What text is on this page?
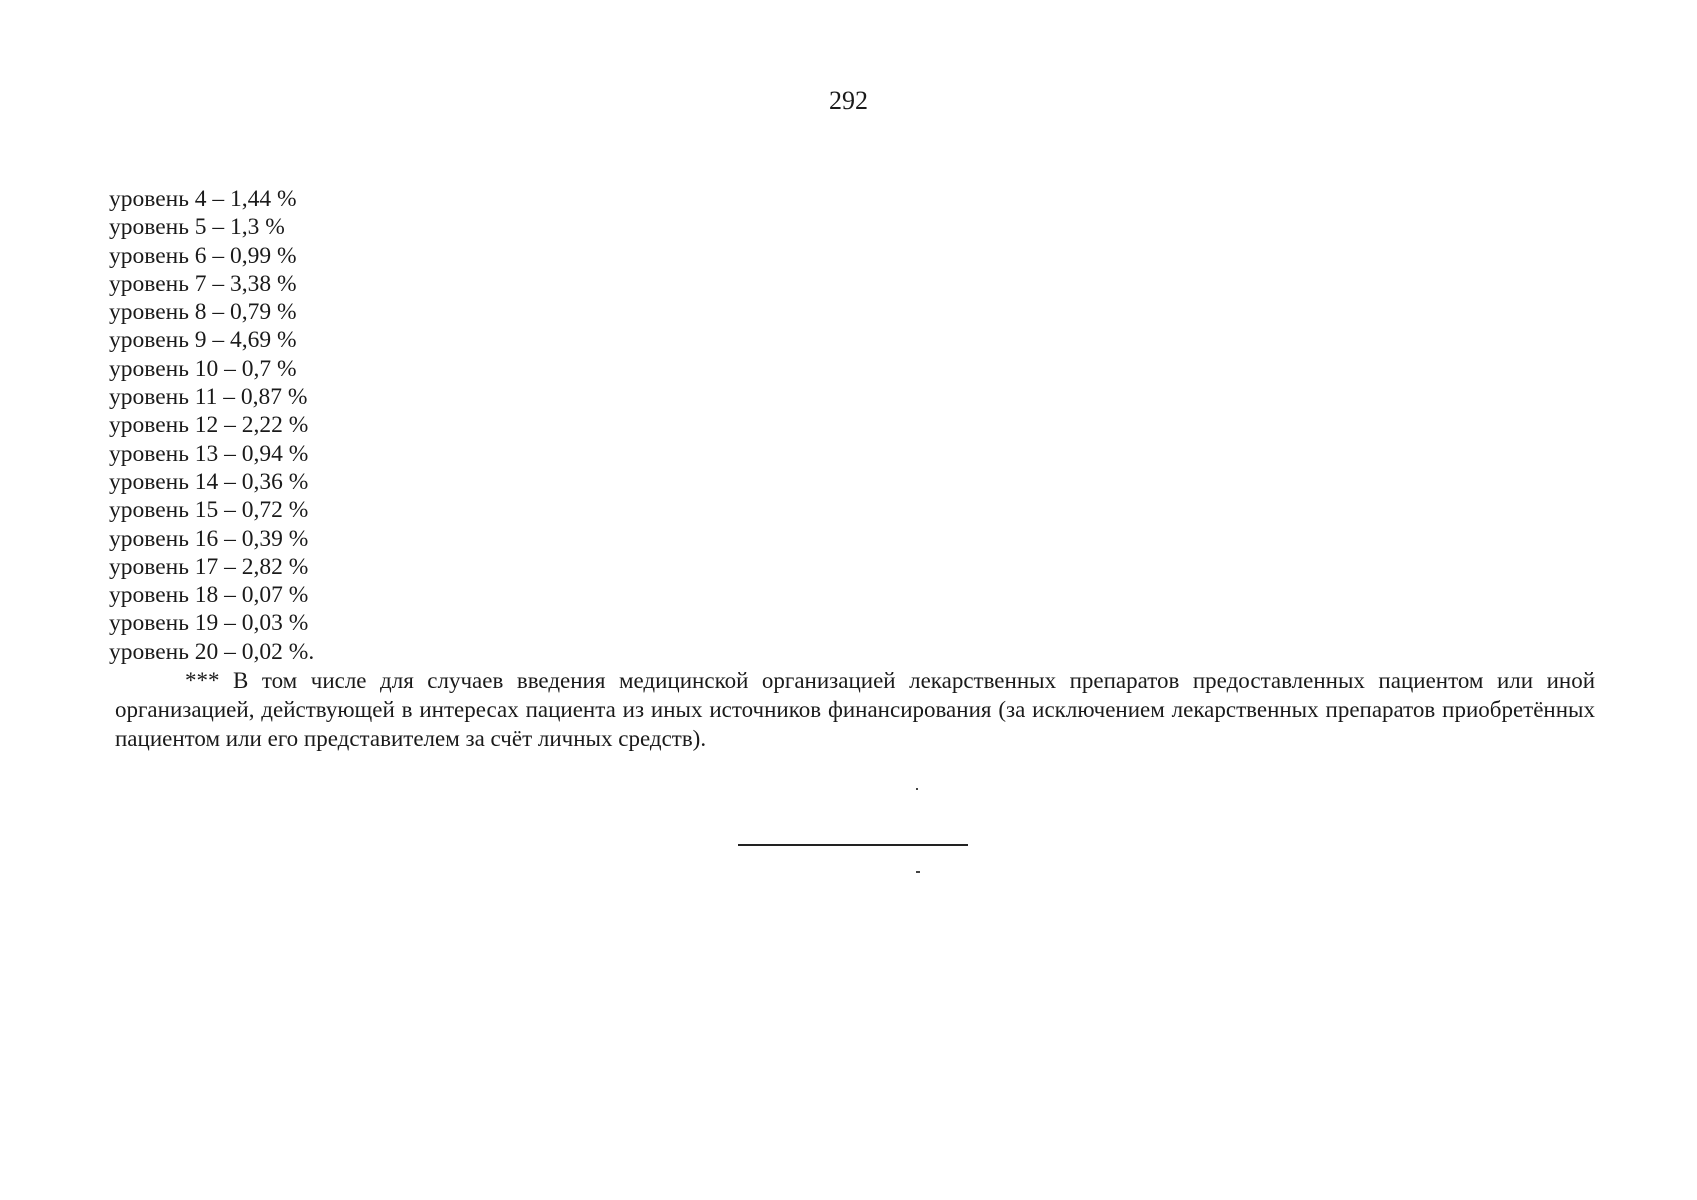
292
уровень 4 – 1,44 %
уровень 5 – 1,3 %
уровень 6 – 0,99 %
уровень 7 – 3,38 %
уровень 8 – 0,79 %
уровень 9 – 4,69 %
уровень 10 – 0,7 %
уровень 11 – 0,87 %
уровень 12 – 2,22 %
уровень 13 – 0,94 %
уровень 14 – 0,36 %
уровень 15 – 0,72 %
уровень 16 – 0,39 %
уровень 17 – 2,82 %
уровень 18 – 0,07 %
уровень 19 – 0,03 %
уровень 20 – 0,02 %.

*** В том числе для случаев введения медицинской организацией лекарственных препаратов предоставленных пациентом или иной организацией, действующей в интересах пациента из иных источников финансирования (за исключением лекарственных препаратов приобретённых пациентом или его представителем за счёт личных средств).
